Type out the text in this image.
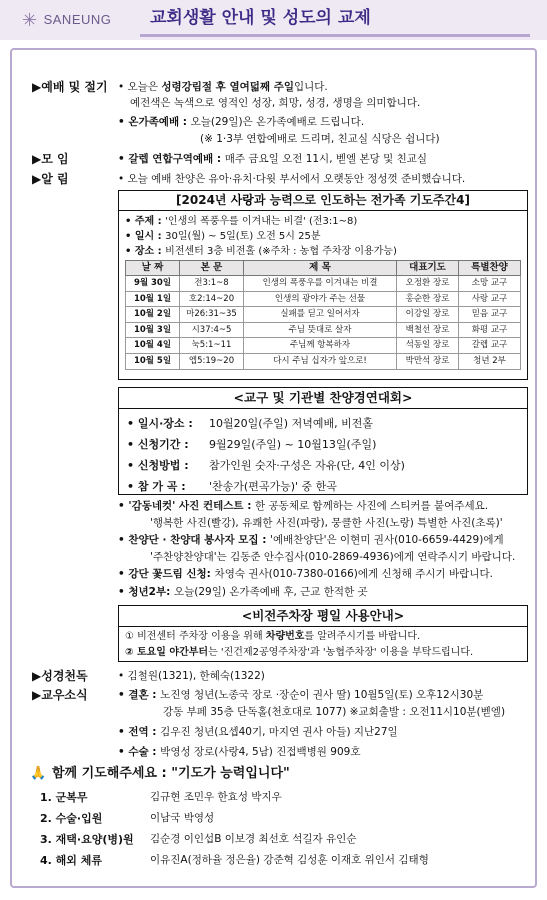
✳ SANEUNG 교회생활 안내 및 성도의 교제
▶예배 및 절기 • 오늘은 성령강림절 후 열여덟째 주일입니다.
예전색은 녹색으로 영적인 성장, 희망, 성경, 생명을 의미합니다.
• 온가족예배 : 오늘(29일)은 온가족예배로 드립니다.
(※ 1·3부 연합예배로 드리며, 친교실 식당은 쉽니다)
▶모 임	• 갈렙 연합구역예배 : 매주 금요일 오전 11시, 벧엘 본당 및 친교실
▶알 림	• 오늘 예배 찬양은 유아·유치·다윗 부서에서 오랫동안 정성껏 준비했습니다.
[2024년 사랑과 능력으로 인도하는 전가족 기도주간4]
• 주제 : '인생의 폭풍우를 이겨내는 비결' (전3:1~8)
• 일시 : 30일(월) ~ 5일(토) 오전 5시 25분
• 장소 : 비전센터 3층 비전홀 (※주차 : 농협 주차장 이용가능)
날 짜	본 문	제 목	대표기도	특별찬양
9월 30일	전3:1~8	인생의 폭풍우를 이겨내는 비결	오정환 장로	소망 교구
10월 1일	호2:14~20	인생의 광야가 주는 선물	홍순한 장로	사랑 교구
10월 2일	마26:31~35	실패를 딛고 일어서자	이강일 장로	믿음 교구
10월 3일	시37:4~5	주님 뜻대로 살자	백철선 장로	화평 교구
10월 4일	눅5:1~11	주님께 항복하자	석동일 장로	갈렙 교구
10월 5일	엡5:19~20	다시 주님 십자가 앞으로!	박만석 장로	청년 2부
<교구 및 기관별 찬양경연대회>
• 일시·장소 :	10월20일(주일) 저녁예배, 비전홀
• 신청기간 :	9월29일(주일) ~ 10월13일(주일)
• 신청방법 :	참가인원 숫자·구성은 자유(단, 4인 이상)
• 참 가 곡 :	'찬송가(편곡가능)' 중 한곡
• '감동네컷' 사진 컨테스트 : 한 공동체로 함께하는 사진에 스티커를 붙여주세요.
'행복한 사진(빨강), 유쾌한 사진(파랑), 뭉클한 사진(노랑) 특별한 사진(초록)'
• 찬양단 · 찬양대 봉사자 모집 : '예배찬양단'은 이현미 권사(010-6659-4429)에게
'주찬양찬양대'는 김동준 안수집사(010-2869-4936)에게 연락주시기 바랍니다.
• 강단 꽃드림 신청: 차영숙 권사(010-7380-0166)에게 신청해 주시기 바랍니다.
• 청년2부: 오늘(29일) 온가족예배 후, 근교 한적한 곳
<비전주차장 평일 사용안내>
① 비전센터 주차장 이용을 위해 차량번호를 알려주시기를 바랍니다.
② 토요일 야간부터는 '진건제2공영주차장'과 '농협주차장' 이용을 부탁드립니다.
▶성경천독	• 김철원(1321), 한혜숙(1322)
▶교우소식	• 결혼 : 노진영 청년(노종국 장로 ·장순이 권사 딸) 10월5일(토) 오후12시30분
강동 부페 35층 단독홀(천호대로 1077) ※교회출발 : 오전11시10분(벧엘)
• 전역 : 김우진 청년(요셉40기, 마지연 권사 아들) 지난27일
• 수술 : 박영성 장로(사랑4, 5남) 진접백병원 909호
🙏 함께 기도해주세요 : "기도가 능력입니다"
1. 군복무	김규현 조민우 한효성 박지우
2. 수술·입원	이남국 박영성
3. 재택·요양(병)원	김순경 이인섭B 이보경 최선호 석길자 유인순
4. 해외 체류	이유진A(정하율 정은율) 강준혁 김성훈 이재호 위인서 김태형
